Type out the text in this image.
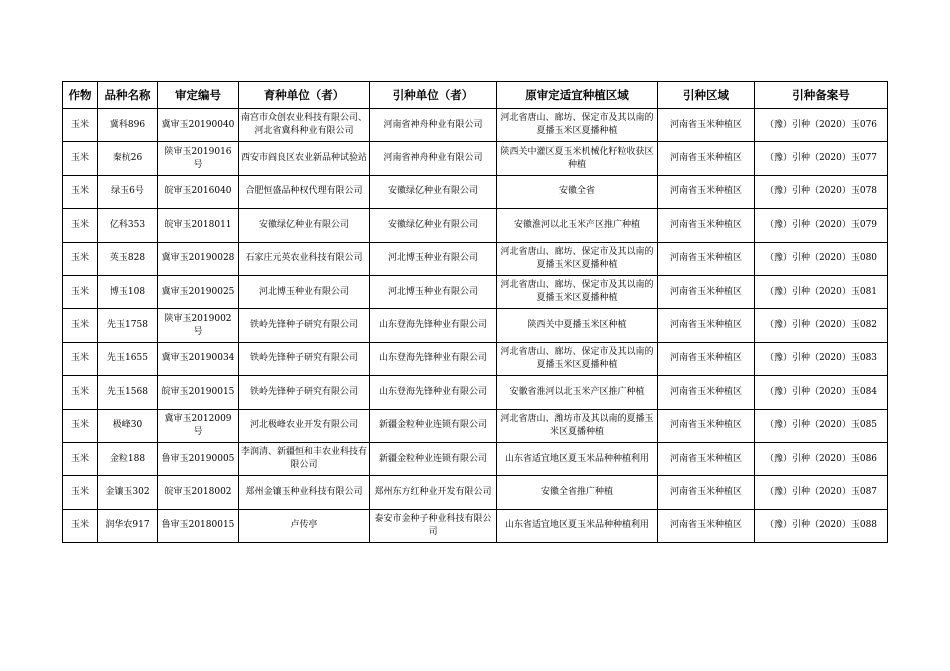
作物	品种名称	审定编号	育种单位（者）	引种单位（者）	原审定适宜种植区域	引种区域	引种备案号
玉米	冀科896	冀审玉20190040	南宫市众创农业科技有限公司、河北省冀科种业有限公司	河南省神舟种业有限公司	河北省唐山、廊坊、保定市及其以南的夏播玉米区夏播种植	河南省玉米种植区	（豫）引种（2020）玉076
玉米	秦杭26	陕审玉2019016号	西安市阎良区农业新品种试验站	河南省神舟种业有限公司	陕西关中灌区夏玉米机械化籽粒收获区种植	河南省玉米种植区	（豫）引种（2020）玉077
玉米	绿玉6号	皖审玉2016040	合肥恒盛品种权代理有限公司	安徽绿亿种业有限公司	安徽全省	河南省玉米种植区	（豫）引种（2020）玉078
玉米	亿科353	皖审玉2018011	安徽绿亿种业有限公司	安徽绿亿种业有限公司	安徽淮河以北玉米产区推广种植	河南省玉米种植区	（豫）引种（2020）玉079
玉米	英玉828	冀审玉20190028	石家庄元英农业科技有限公司	河北博玉种业有限公司	河北省唐山、廊坊、保定市及其以南的夏播玉米区夏播种植	河南省玉米种植区	（豫）引种（2020）玉080
玉米	博玉108	冀审玉20190025	河北博玉种业有限公司	河北博玉种业有限公司	河北省唐山、廊坊、保定市及其以南的夏播玉米区夏播种植	河南省玉米种植区	（豫）引种（2020）玉081
玉米	先玉1758	陕审玉2019002号	铁岭先锋种子研究有限公司	山东登海先锋种业有限公司	陕西关中夏播玉米区种植	河南省玉米种植区	（豫）引种（2020）玉082
玉米	先玉1655	冀审玉20190034	铁岭先锋种子研究有限公司	山东登海先锋种业有限公司	河北省唐山、廊坊、保定市及其以南的夏播玉米区夏播种植	河南省玉米种植区	（豫）引种（2020）玉083
玉米	先玉1568	皖审玉20190015	铁岭先锋种子研究有限公司	山东登海先锋种业有限公司	安徽省淮河以北玉米产区推广种植	河南省玉米种植区	（豫）引种（2020）玉084
玉米	极峰30	冀审玉2012009号	河北极峰农业开发有限公司	新疆金粒种业连锁有限公司	河北省唐山、潍坊市及其以南的夏播玉米区夏播种植	河南省玉米种植区	（豫）引种（2020）玉085
玉米	金粒188	鲁审玉20190005	李润清、新疆恒和丰农业科技有限公司	新疆金粒种业连锁有限公司	山东省适宜地区夏玉米品种种植利用	河南省玉米种植区	（豫）引种（2020）玉086
玉米	金镶玉302	皖审玉2018002	郑州金镶玉种业科技有限公司	郑州东方红种业开发有限公司	安徽全省推广种植	河南省玉米种植区	（豫）引种（2020）玉087
玉米	润华农917	鲁审玉20180015	卢传亭	泰安市金种子种业科技有限公司	山东省适宜地区夏玉米品种种植利用	河南省玉米种植区	（豫）引种（2020）玉088
